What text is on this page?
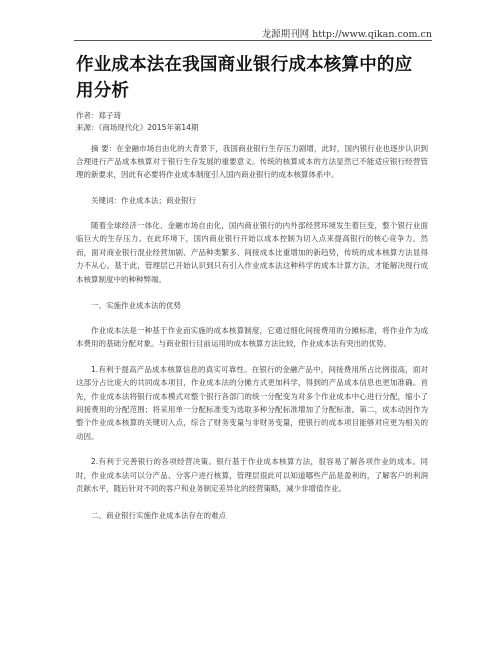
龙源期刊网 http://www.qikan.com.cn
作业成本法在我国商业银行成本核算中的应用分析
作者：郑子琦
来源：《商场现代化》2015年第14期

摘 要：在金融市场自由化的大背景下，我国商业银行生存压力剧增，此时，国内银行业也逐步认识到合理进行产品成本核算对于银行生存发展的重要意义。传统的核算成本的方法显然已不能适应银行经营管理的新要求，因此有必要将作业成本制度引入国内商业银行的成本核算体系中。

关键词：作业成本法；商业银行

随着全球经济一体化、金融市场自由化，国内商业银行的内外部经营环境发生着巨变，整个银行业面临巨大的生存压力。在此环境下，国内商业银行开始以成本控制为切入点来提高银行的核心竞争力。然而，面对商业银行混业经营加剧、产品种类繁多、间接成本比重增加的新趋势，传统的成本核算方法显得力不从心。基于此，管理层已开始认识到只有引入作业成本法这种科学的成本计算方法，才能解决现行成本核算制度中的种种弊端。

一、实施作业成本法的优势

作业成本法是一种基于作业而实施的成本核算制度，它通过细化间接费用的分摊标准，将作业作为成本费用的基础分配对象。与商业银行目前运用的成本核算方法比较，作业成本法有突出的优势。

1.有利于提高产品成本核算信息的真实可靠性。在银行的金融产品中，间接费用所占比例很高，面对这部分占比庞大的共同成本项目，作业成本法的分摊方式更加科学，得到的产品成本信息也更加准确。首先，作业成本法将银行成本模式对整个银行各部门的统一分配变为对多个作业成本中心进行分配，缩小了间接费用的分配范围；将采用单一分配标准变为选取多种分配标准增加了分配标准。第二，成本动因作为整个作业成本核算的关键切入点，综合了财务变量与非财务变量，使银行的成本项目能够对应更为相关的动因。

2.有利于完善银行的各项经营决策。银行基于作业成本核算方法，很容易了解各项作业的成本。同时，作业成本法可以分产品、分客户进行核算，管理层很此可以知道哪些产品是盈利的，了解客户的利润贡献水平，随后针对不同的客户和业务制定差异化的经营策略，减少非增值作业。

二、商业银行实施作业成本法存在的难点
